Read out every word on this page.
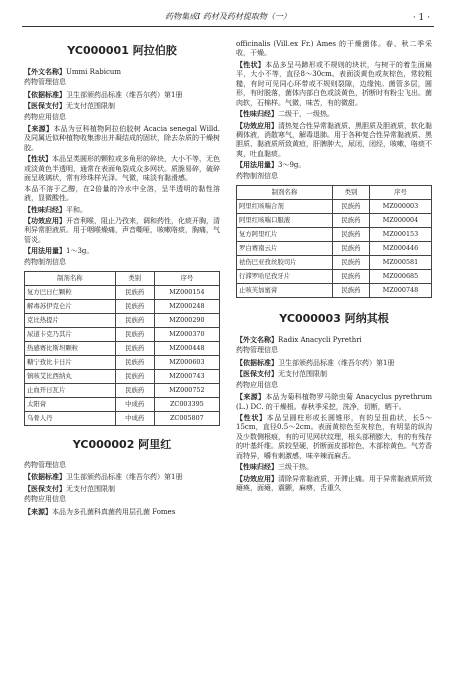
药物集成Ⅰ 药材及药材提取物（一）	· 1 ·
YC000001 阿拉伯胶

【外文名称】Ummi Rabicum

药物管理信息

【依据标准】卫生部颁药品标准（维吾尔药）第1册

【医保支付】无支付范围限制

药物应用信息

【来源】本品为豆科植物阿拉伯胶树 Acacia senegal Willd. 及同属近似种植物收集渗出并凝结成的固状，除去杂质的干燥树胶。

【性状】本品呈类圆形的颗粒或多角形的碎块，大小不等，无色或淡黄色半透明，通常在表面龟裂成众多网状。质脆易碎，破碎面呈玻璃状，常有珍珠样光泽。气微，味淡有黏滑感。

本品不溶于乙醇，在2倍量的冷水中全溶，呈半透明的黏性溶液，显微酸性。

【性味归经】平和。

【功效应用】开音利喉，阻止乃孜来，调和药性，化痰开胸，清利异常胆液质。用于咽喉燥痛，声音嘶哑，咳嗽咯痰，胸痛，气管炎。

【用法用量】1～3g。

药物制剂信息

制剂名称	类别	序号
复方巴日仁颗粒	民族药	MZ000154
解毒苏伊克仑片	民族药	MZ000248
克比热提片	民族药	MZ000290
尿道卡克乃其片	民族药	MZ000370
热感赛比斯坦颗粒	民族药	MZ000448
糖宁孜比卡日片	民族药	MZ000603
镇咳艾比西纳丸	民族药	MZ000743
止血开日瓦片	民族药	MZ000752
太阳膏	中成药	ZC003395
乌骨人丹	中成药	ZC005807
YC000002 阿里红

药物管理信息

【依据标准】卫生部颁药品标准（维吾尔药）第1册

【医保支付】无支付范围限制

药物应用信息

【来源】本品为多孔菌科真菌药用层孔菌 Fomes

officinalis (Vill.ex Fr.) Ames 的干燥菌体。春、秋二季采收，干燥。

【性状】本品多呈马蹄形或不规则的块状，与树干的着生面扁平，大小不等，直径8～30cm。表面淡黄色或灰棕色，常较粗糙，有时可见同心环带或不规则裂隙，边缘钝。菌管多层，圆形，有时脱落，菌体内部白色或淡黄色，折断时有粉尘飞出。菌肉软，石棉样。气微，味苦，有的微甜。

【性味归经】二级干，一级热。

【功效应用】清热复合性异常黏液质、黑胆质及胆液质，软化黏稠体液，消散寒气，解毒退肺。用于各种复合性异常黏液质、黑胆质、黏液质所致黄疸，肝脾肿大，尿闭，闭经，咳嗽，咯痰不爽，吐血黏痰。

【用法用量】3～9g。

药物制剂信息

制剂名称	类别	序号
阿里红咳喘合剂	民族药	MZ000003
阿里红咳喘口服液	民族药	MZ000004
复方阿里红片	民族药	MZ000153
罗白赛南云片	民族药	MZ000446
祛伤巴亚孜丝胶司片	民族药	MZ000581
行滞罗哈尼孜牙片	民族药	MZ000685
止咳芙加蜜膏	民族药	MZ000748
YC000003 阿纳其根

【外文名称】Radix Anacycli Pyrethri

药物管理信息

【依据标准】卫生部颁药品标准（维吾尔药）第1册

【医保支付】无支付范围限制

药物应用信息

【来源】本品为菊科植物罗马除虫菊 Anacyclus pyrethrum (L.) DC. 的干燥根。春秋季采挖，洗净，切断，晒干。

【性状】本品呈圆柱形或长圆锥形，有的呈扭曲状，长5～15cm，直径0.5～2cm。表面黄棕色至灰棕色，有明显的纵沟及少数侧根痕，有的可见网状纹理，根头部稍膨大，有的有残存的叶基纤维。质较坚硬，折断面皮部棕色，木部棕黄色。气芳香而特异，嚼有刺激感，味辛辣而麻舌。

【性味归经】三级干热。

【功效应用】清除异常黏液质，开滞止痛。用于异常黏液质所致瘫痪，面瘫，震颤，麻痹，舌重久
